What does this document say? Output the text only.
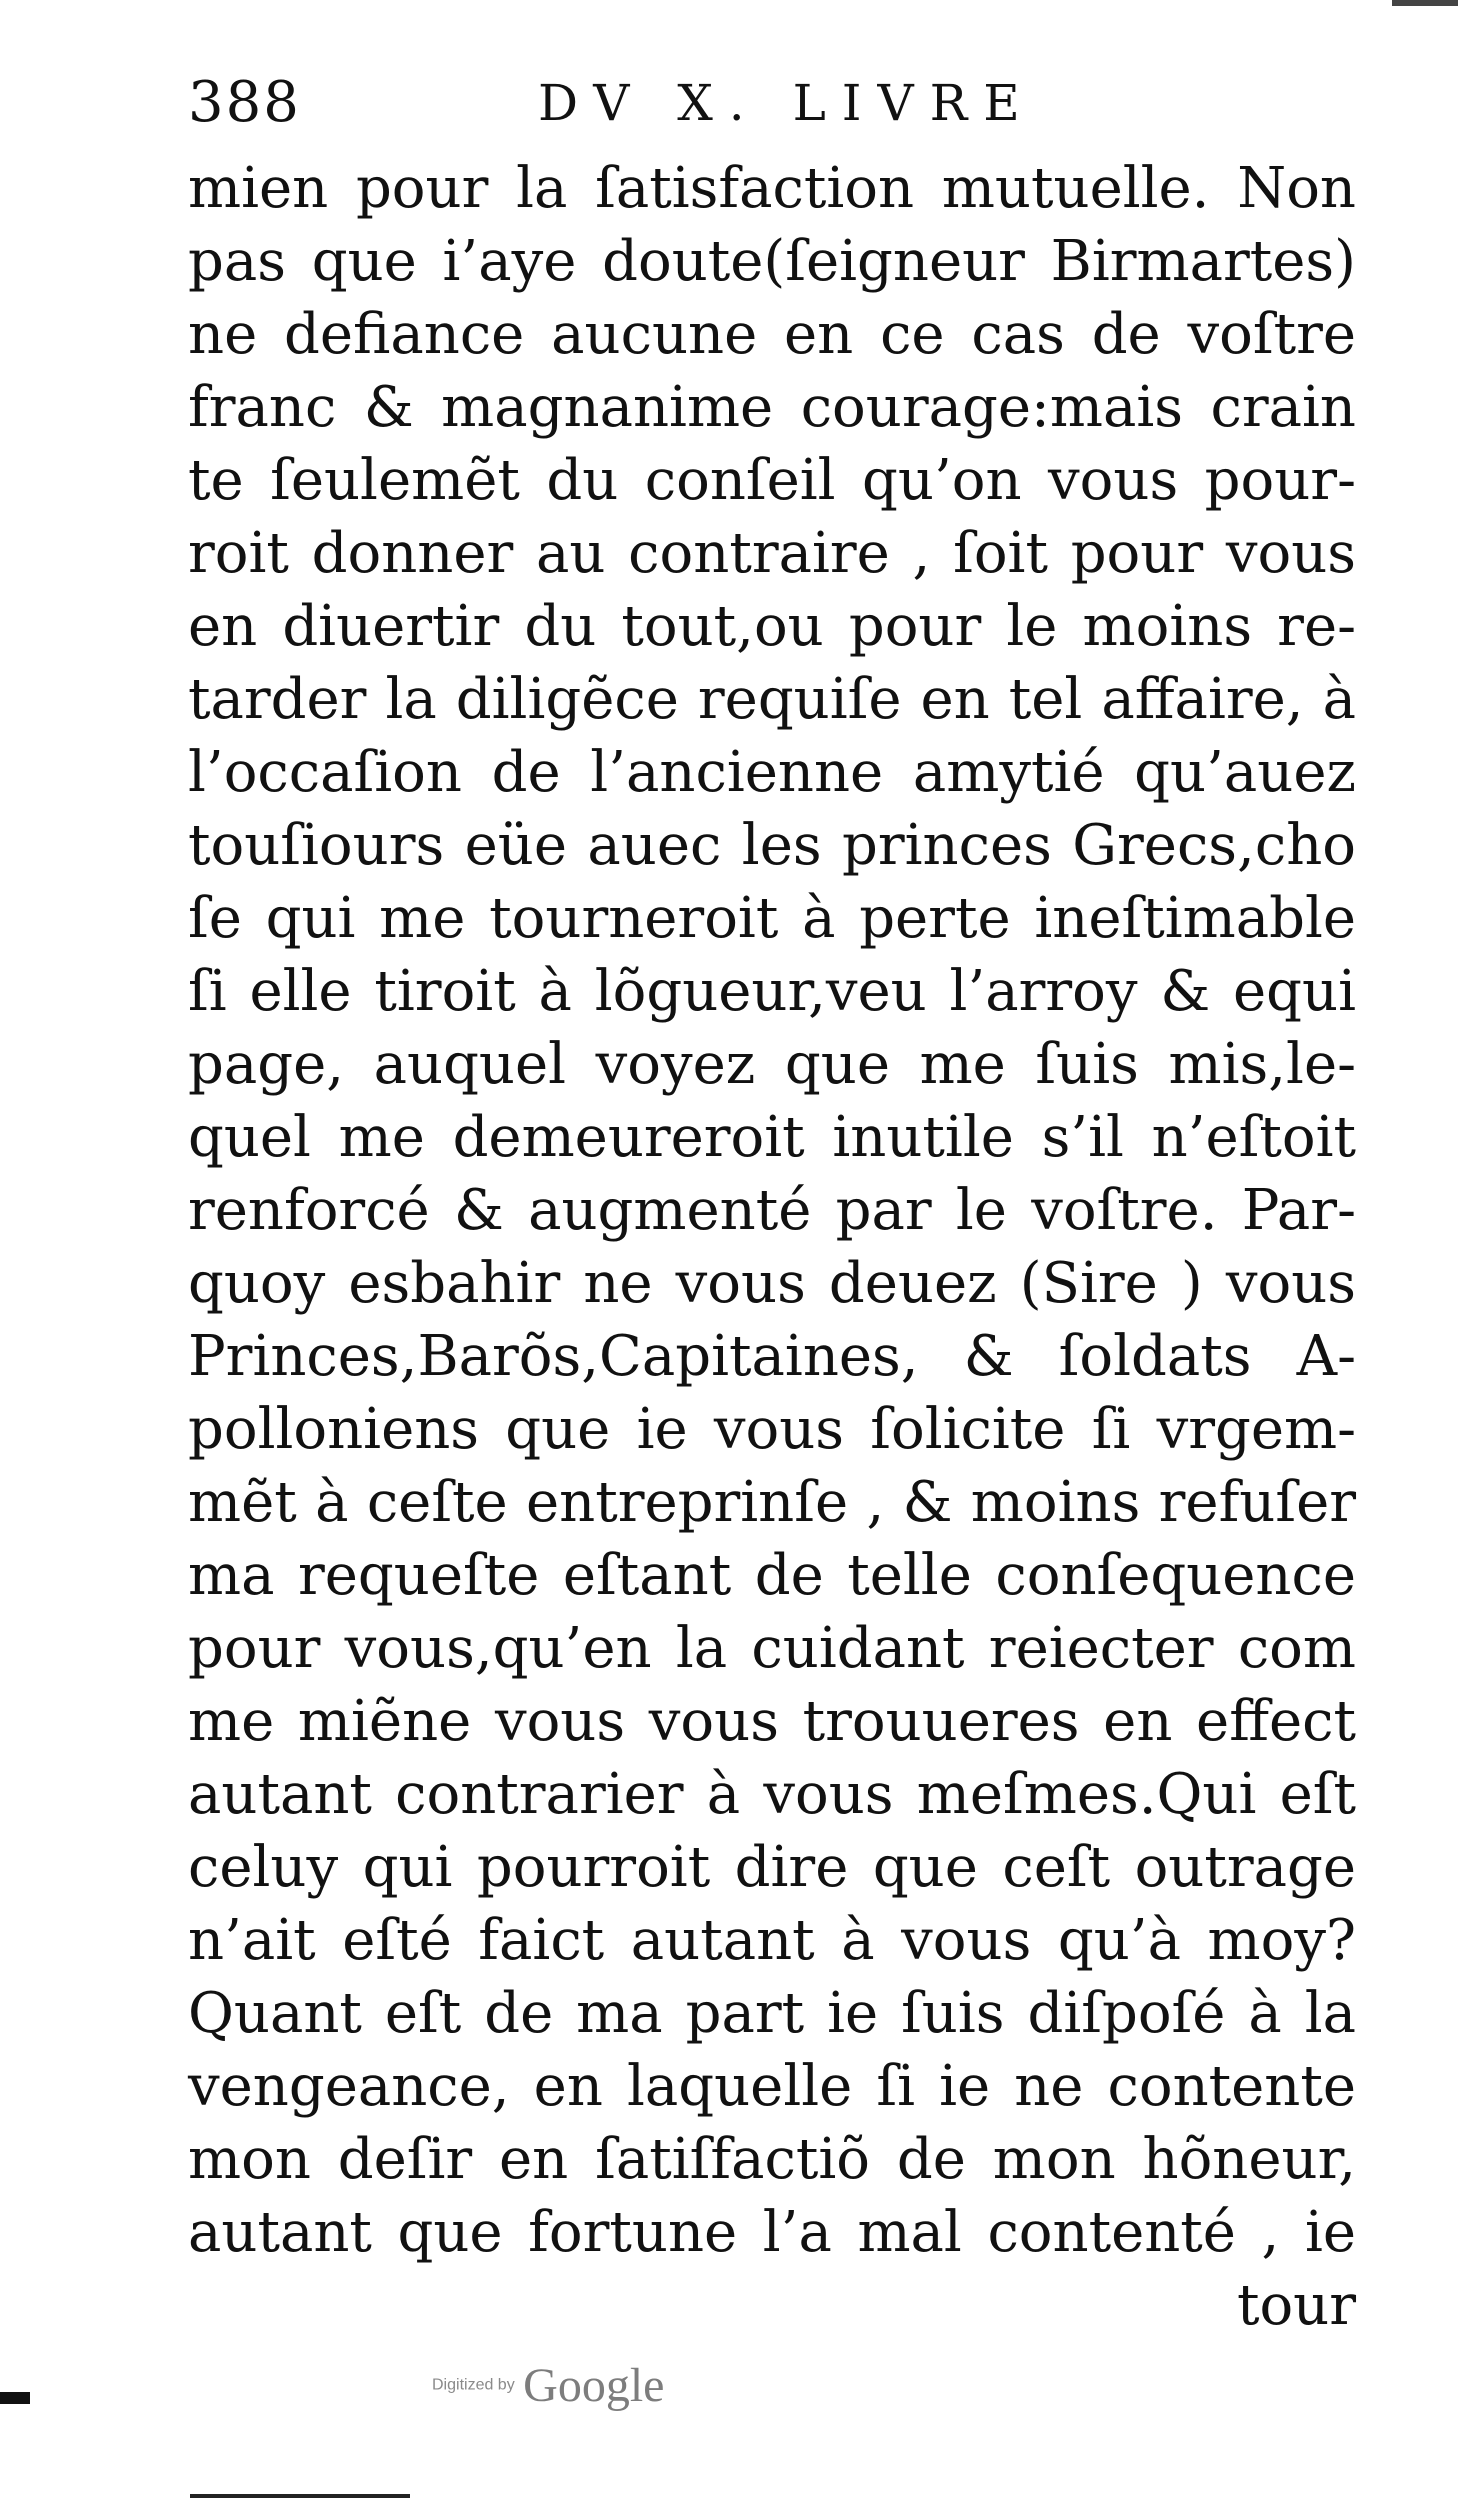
388	DV X. LIVRE
mien pour la ſatisfaction mutuelle. Non
pas que i’aye doute(ſeigneur Birmartes)
ne defiance aucune en ce cas de voſtre
franc & magnanime courage:mais crain
te ſeulemẽt du conſeil qu’on vous pour-
roit donner au contraire , ſoit pour vous
en diuertir du tout,ou pour le moins re-
tarder la diligẽce requiſe en tel affaire, à
l’occaſion de l’ancienne amytié qu’auez
touſiours eüe auec les princes Grecs,cho
ſe qui me tourneroit à perte ineſtimable
ſi elle tiroit à lõgueur,veu l’arroy & equi
page, auquel voyez que me ſuis mis,le-
quel me demeureroit inutile s’il n’eſtoit
renforcé & augmenté par le voſtre. Par-
quoy esbahir ne vous deuez (Sire ) vous
Princes,Barõs,Capitaines, & ſoldats A-
polloniens que ie vous ſolicite ſi vrgem-
mẽt à ceſte entreprinſe , & moins refuſer
ma requeſte eſtant de telle conſequence
pour vous,qu’en la cuidant reiecter com
me miẽne vous vous trouueres en effect
autant contrarier à vous meſmes.Qui eſt
celuy qui pourroit dire que ceſt outrage
n’ait eſté faict autant à vous qu’à moy?
Quant eſt de ma part ie ſuis diſpoſé à la
vengeance, en laquelle ſi ie ne contente
mon deſir en ſatiſfactiõ de mon hõneur,
autant que fortune l’a mal contenté , ie
tour
Digitized by Google
